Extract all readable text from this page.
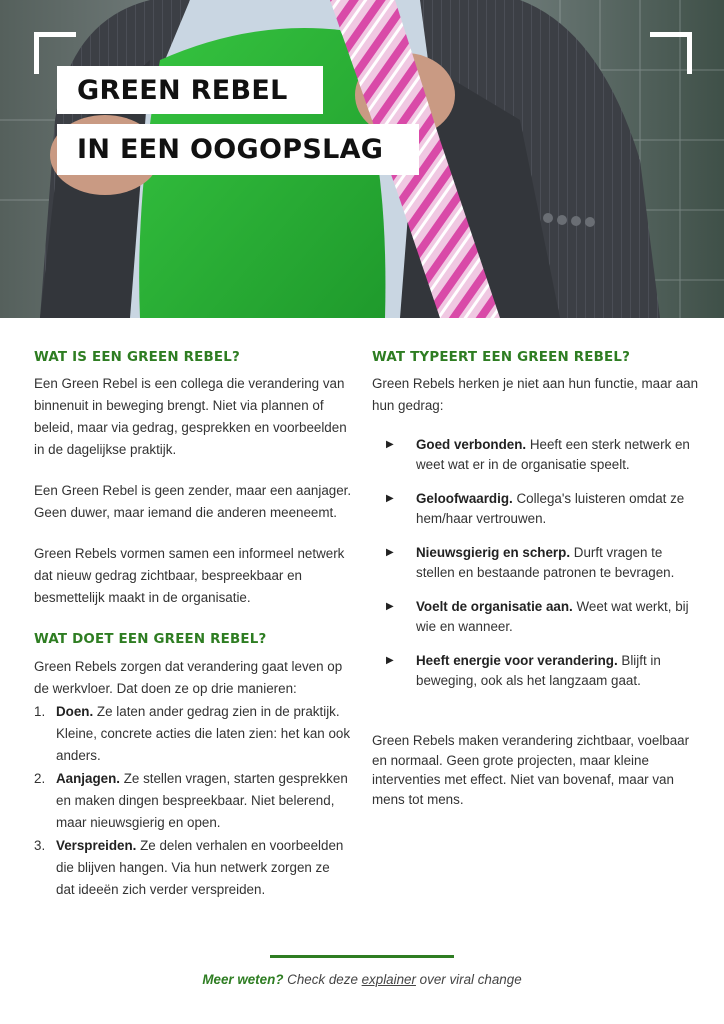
GREEN REBEL
IN EEN OOGOPSLAG
WAT IS EEN GREEN REBEL?

Een Green Rebel is een collega die verandering van binnenuit in beweging brengt. Niet via plannen of beleid, maar via gedrag, gesprekken en voorbeelden in de dagelijkse praktijk.

Een Green Rebel is geen zender, maar een aanjager. Geen duwer, maar iemand die anderen meeneemt.

Green Rebels vormen samen een informeel netwerk dat nieuw gedrag zichtbaar, bespreekbaar en besmettelijk maakt in de organisatie.

WAT DOET EEN GREEN REBEL?

Green Rebels zorgen dat verandering gaat leven op de werkvloer. Dat doen ze op drie manieren:

1. Doen. Ze laten ander gedrag zien in de praktijk. Kleine, concrete acties die laten zien: het kan ook anders.
2. Aanjagen. Ze stellen vragen, starten gesprekken en maken dingen bespreekbaar. Niet belerend, maar nieuwsgierig en open.
3. Verspreiden. Ze delen verhalen en voorbeelden die blijven hangen. Via hun netwerk zorgen ze dat ideeën zich verder verspreiden.
WAT TYPEERT EEN GREEN REBEL?

Green Rebels herken je niet aan hun functie, maar aan hun gedrag:

▶ Goed verbonden. Heeft een sterk netwerk en weet wat er in de organisatie speelt.
▶ Geloofwaardig. Collega's luisteren omdat ze hem/haar vertrouwen.
▶ Nieuwsgierig en scherp. Durft vragen te stellen en bestaande patronen te bevragen.
▶ Voelt de organisatie aan. Weet wat werkt, bij wie en wanneer.
▶ Heeft energie voor verandering. Blijft in beweging, ook als het langzaam gaat.

Green Rebels maken verandering zichtbaar, voelbaar en normaal. Geen grote projecten, maar kleine interventies met effect. Niet van bovenaf, maar van mens tot mens.

Meer weten? Check deze explainer over viral change
